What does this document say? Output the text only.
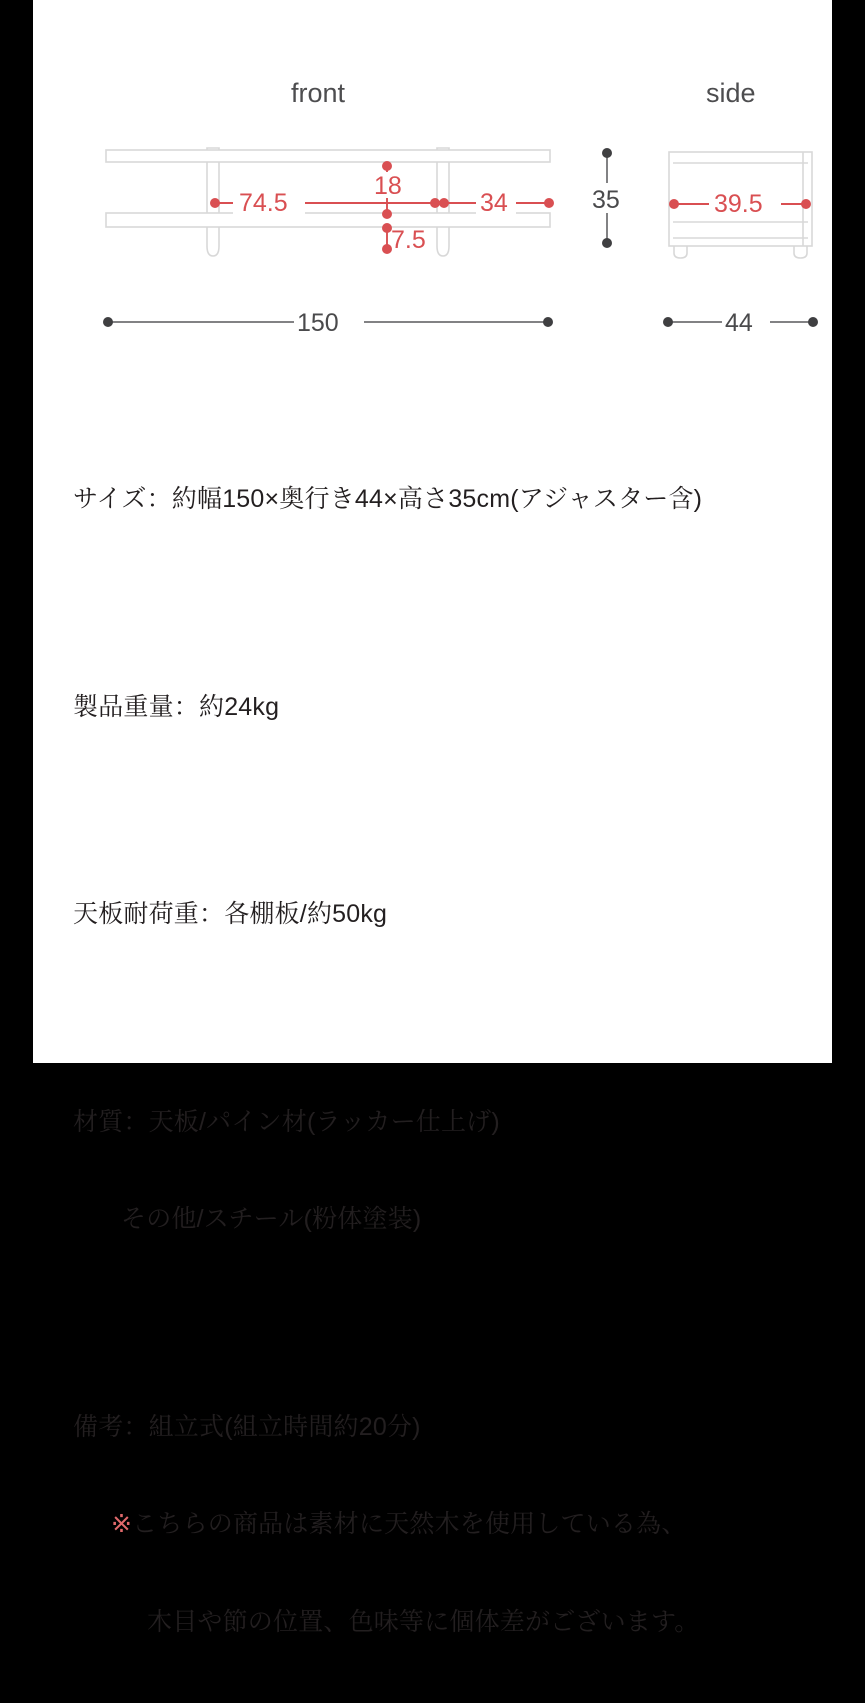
front	side
74.5	34
18
7.5
35	39.5
150	44

サイズ：約幅150×奥行き44×高さ35cm(アジャスター含)

製品重量：約24kg

天板耐荷重：各棚板/約50kg

材質：天板/パイン材(ラッカー仕上げ)

その他/スチール(粉体塗装)

備考：組立式(組立時間約20分)

※こちらの商品は素材に天然木を使用している為、

木目や節の位置、色味等に個体差がございます。
